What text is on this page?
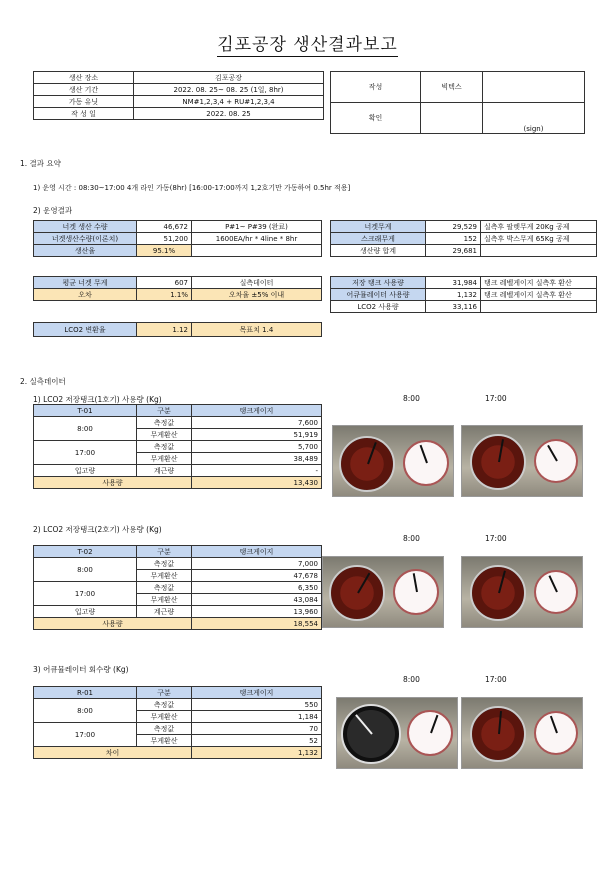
김포공장 생산결과보고
생산 장소	김포공장
생산 기간	2022. 08. 25~ 08. 25 (1일, 8hr)
가동 유닛	NM#1,2,3,4 + RU#1,2,3,4
작 성 일	2022. 08. 25
작성	빅텍스	
확인		(sign)
1. 결과 요약
1) 운영 시간 : 08:30~17:00 4개 라인 가동(8hr) [16:00-17:00까지 1,2호기만 가동하여 0.5hr 적용]
2) 운영결과
너겟 생산 수량	46,672	P#1~ P#39 (완료)
너겟생산수량(이론치)	51,200	1600EA/hr * 4line * 8hr
생산율	95.1%	
너겟무게	29,529	실측후 팔렛무게 20Kg 공제
스크래무게	152	실측후 박스무게 65Kg 공제
생산량 합계	29,681	
평균 너겟 무게	607	실측데이터
오차	1.1%	오차율 ±5% 이내
저장 탱크 사용량	31,984	탱크 레벨게이지 실측후 환산
어큐뮬레이터 사용량	1,132	탱크 레벨게이지 실측후 환산
LCO2 사용량	33,116	
LCO2 변환율	1.12	목표치 1.4
2. 실측데이터
1) LCO2 저장탱크(1호기) 사용량 (Kg)	8:00	17:00
T-01	구분	탱크게이지
8:00	측정값	7,600
	무게환산	51,919
17:00	측정값	5,700
	무게환산	38,489
입고량	계근량	-
사용량		13,430
2) LCO2 저장탱크(2호기) 사용량 (Kg)
8:00	17:00
T-02	구분	탱크게이지
8:00	측정값	7,000
	무게환산	47,678
17:00	측정값	6,350
	무게환산	43,084
입고량	계근량	13,960
사용량		18,554
3) 어큐뮬레이터 회수량 (Kg)
8:00	17:00
R-01	구분	탱크게이지
8:00	측정값	550
	무게환산	1,184
17:00	측정값	70
	무게환산	52
차이		1,132
